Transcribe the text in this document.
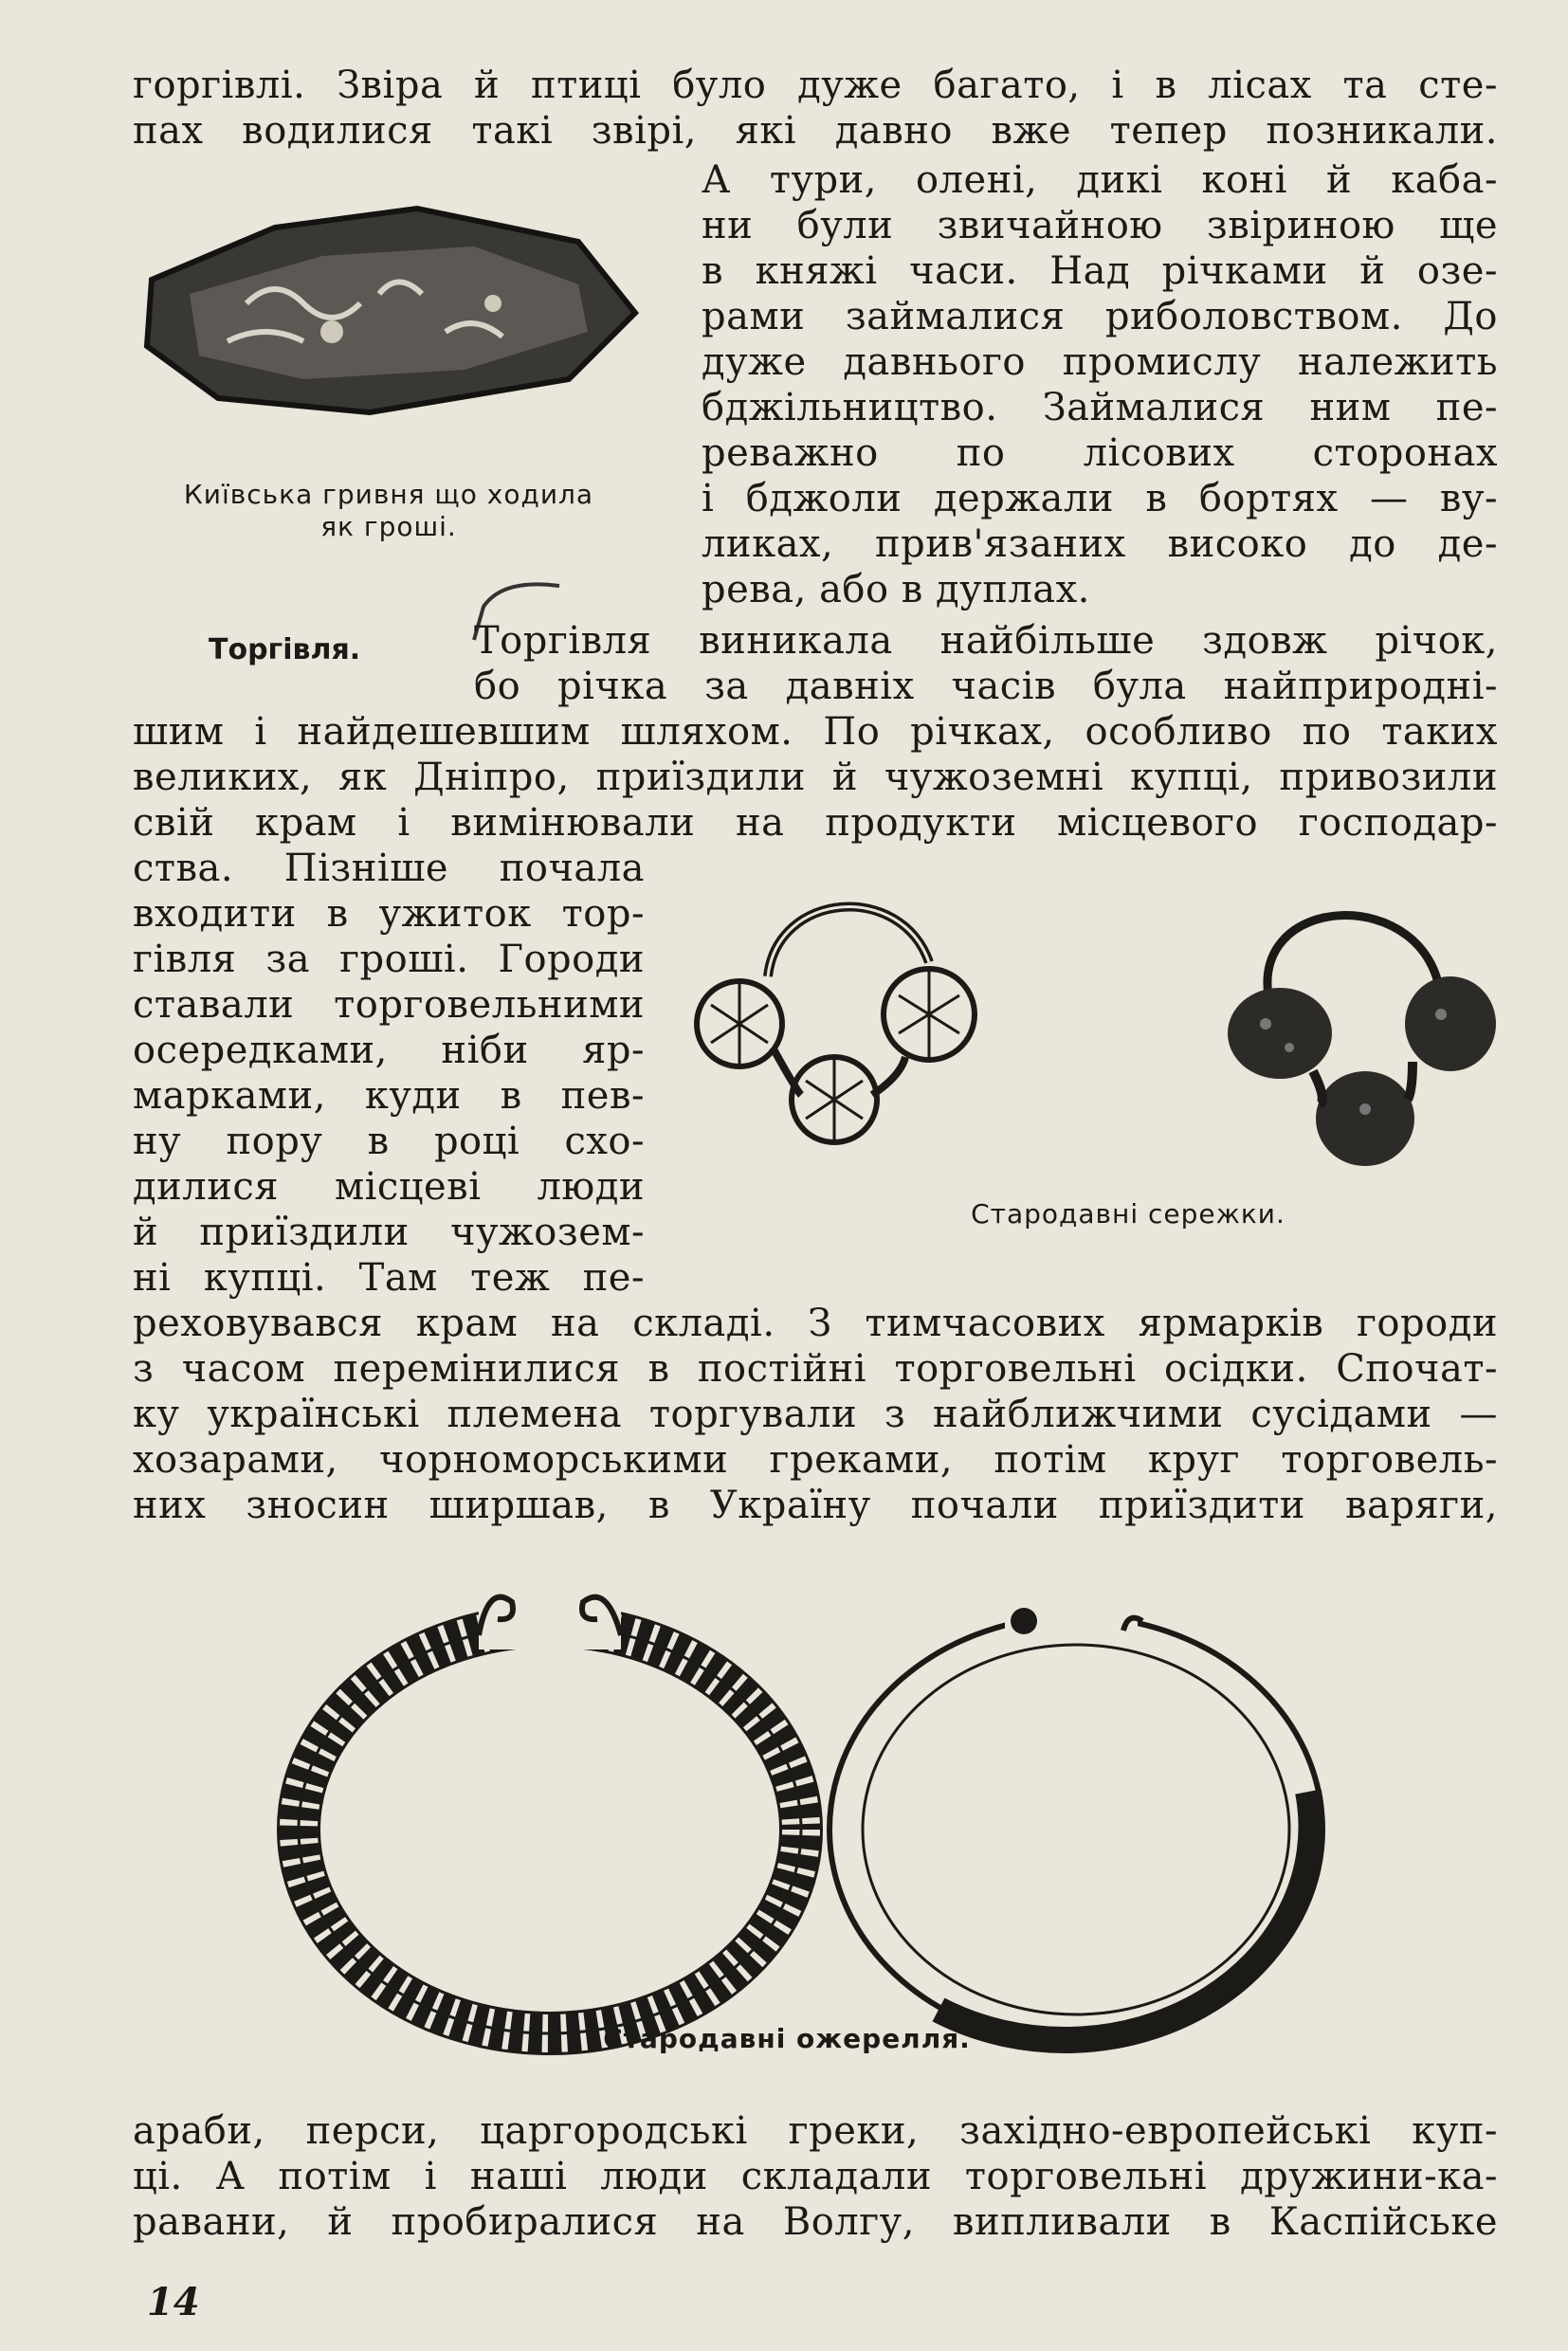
горгівлі. Звіра й птиці було дуже багато, і в лісах та сте-
пах водилися такі звірі, які давно вже тепер позникали.
Київська гривня що ходила
як гроші.
А тури, олені, дикі коні й каба-
ни були звичайною звіриною ще
в княжі часи. Над річками й озе-
рами займалися риболовством. До
дуже давнього промислу належить
бджільництво. Займалися ним пе-
реважно по лісових сторонах
і бджоли держали в бортях — ву-
ликах, прив'язаних високо до де-
рева, або в дуплах.
Торгівля.	Торгівля виникала найбільше здовж річок,
бо річка за давніх часів була найприродні-
шим і найдешевшим шляхом. По річках, особливо по таких
великих, як Дніпро, приїздили й чужоземні купці, привозили
свій крам і вимінювали на продукти місцевого господар-
ства. Пізніше почала
входити в ужиток тор-
гівля за гроші. Городи
ставали торговельними
осередками, ніби яр-
марками, куди в пев-
ну пору в році схо-
дилися місцеві люди
й приїздили чужозем-
ні купці. Там теж пе-
Стародавні сережки.
реховувався крам на складі. З тимчасових ярмарків городи
з часом перемінилися в постійні торговельні осідки. Спочат-
ку українські племена торгували з найближчими сусідами —
хозарами, чорноморськими греками, потім круг торговель-
них зносин ширшав, в Україну почали приїздити варяги,
Стародавні ожерелля.
араби, перси, царгородські греки, західно-европейські куп-
ці. А потім і наші люди складали торговельні дружини-ка-
равани, й пробиралися на Волгу, випливали в Каспійське
14
